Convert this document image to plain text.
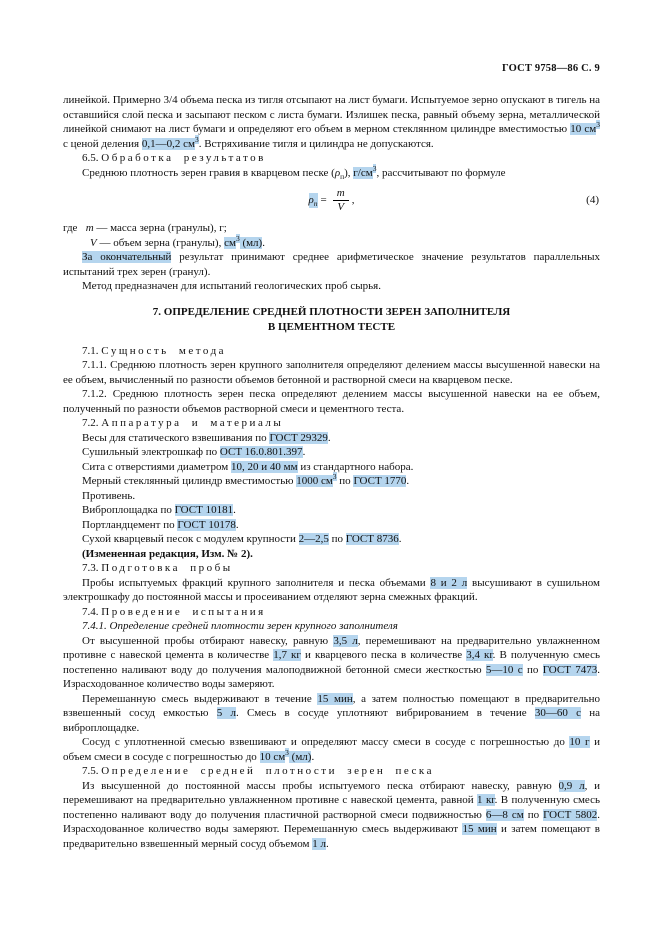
ГОСТ 9758—86 С. 9
линейкой. Примерно 3/4 объема песка из тигля отсыпают на лист бумаги. Испытуемое зерно опускают в тигель на оставшийся слой песка и засыпают песком с листа бумаги. Излишек песка, равный объему зерна, металлической линейкой снимают на лист бумаги и определяют его объем в мерном стеклянном цилиндре вместимостью 10 $см^3$ с ценой деления 0,1—0,2 $см^3$. Встряхивание тигля и цилиндра не допускаются.
6.5. Обработка результатов
Среднюю плотность зерен гравия в кварцевом песке $(\rho_п)$, $г/см^3$, рассчитывают по формуле
$\rho_п = \frac{m}{V}$ ,	(4)
где   m — масса зерна (гранулы), г;
V — объем зерна (гранулы), $см^3$ (мл).
За окончательный результат принимают среднее арифметическое значение результатов параллельных испытаний трех зерен (гранул).
Метод предназначен для испытаний геологических проб сырья.
7. ОПРЕДЕЛЕНИЕ СРЕДНЕЙ ПЛОТНОСТИ ЗЕРЕН ЗАПОЛНИТЕЛЯ
В ЦЕМЕНТНОМ ТЕСТЕ
7.1. Сущность метода
7.1.1. Среднюю плотность зерен крупного заполнителя определяют делением массы высушенной навески на ее объем, вычисленный по разности объемов бетонной и растворной смеси на кварцевом песке.
7.1.2. Среднюю плотность зерен песка определяют делением массы высушенной навески на ее объем, полученный по разности объемов растворной смеси и цементного теста.
7.2. Аппаратура и материалы
Весы для статического взвешивания по ГОСТ 29329.
Сушильный электрошкаф по ОСТ 16.0.801.397.
Сита с отверстиями диаметром 10, 20 и 40 мм из стандартного набора.
Мерный стеклянный цилиндр вместимостью 1000 $см^3$ по ГОСТ 1770.
Противень.
Виброплощадка по ГОСТ 10181.
Портландцемент по ГОСТ 10178.
Сухой кварцевый песок с модулем крупности 2—2,5 по ГОСТ 8736.
(Измененная редакция, Изм. № 2).
7.3. Подготовка пробы
Пробы испытуемых фракций крупного заполнителя и песка объемами 8 и 2 л высушивают в сушильном электрошкафу до постоянной массы и просеиванием отделяют зерна смежных фракций.
7.4. Проведение испытания
7.4.1. Определение средней плотности зерен крупного заполнителя
От высушенной пробы отбирают навеску, равную 3,5 л, перемешивают на предварительно увлажненном противне с навеской цемента в количестве 1,7 кг и кварцевого песка в количестве 3,4 кг. В полученную смесь постепенно наливают воду до получения малоподвижной бетонной смеси жесткостью 5—10 с по ГОСТ 7473. Израсходованное количество воды замеряют.
Перемешанную смесь выдерживают в течение 15 мин, а затем полностью помещают в предварительно взвешенный сосуд емкостью 5 л. Смесь в сосуде уплотняют вибрированием в течение 30—60 с на виброплощадке.
Сосуд с уплотненной смесью взвешивают и определяют массу смеси в сосуде с погрешностью до 10 г и объем смеси в сосуде с погрешностью до 10 $см^3$ (мл).
7.5. Определение средней плотности зерен песка
Из высушенной до постоянной массы пробы испытуемого песка отбирают навеску, равную 0,9 л, и перемешивают на предварительно увлажненном противне с навеской цемента, равной 1 кг. В полученную смесь постепенно наливают воду до получения пластичной растворной смеси подвижностью 6—8 см по ГОСТ 5802. Израсходованное количество воды замеряют. Перемешанную смесь выдерживают 15 мин и затем помещают в предварительно взвешенный мерный сосуд объемом 1 л.
